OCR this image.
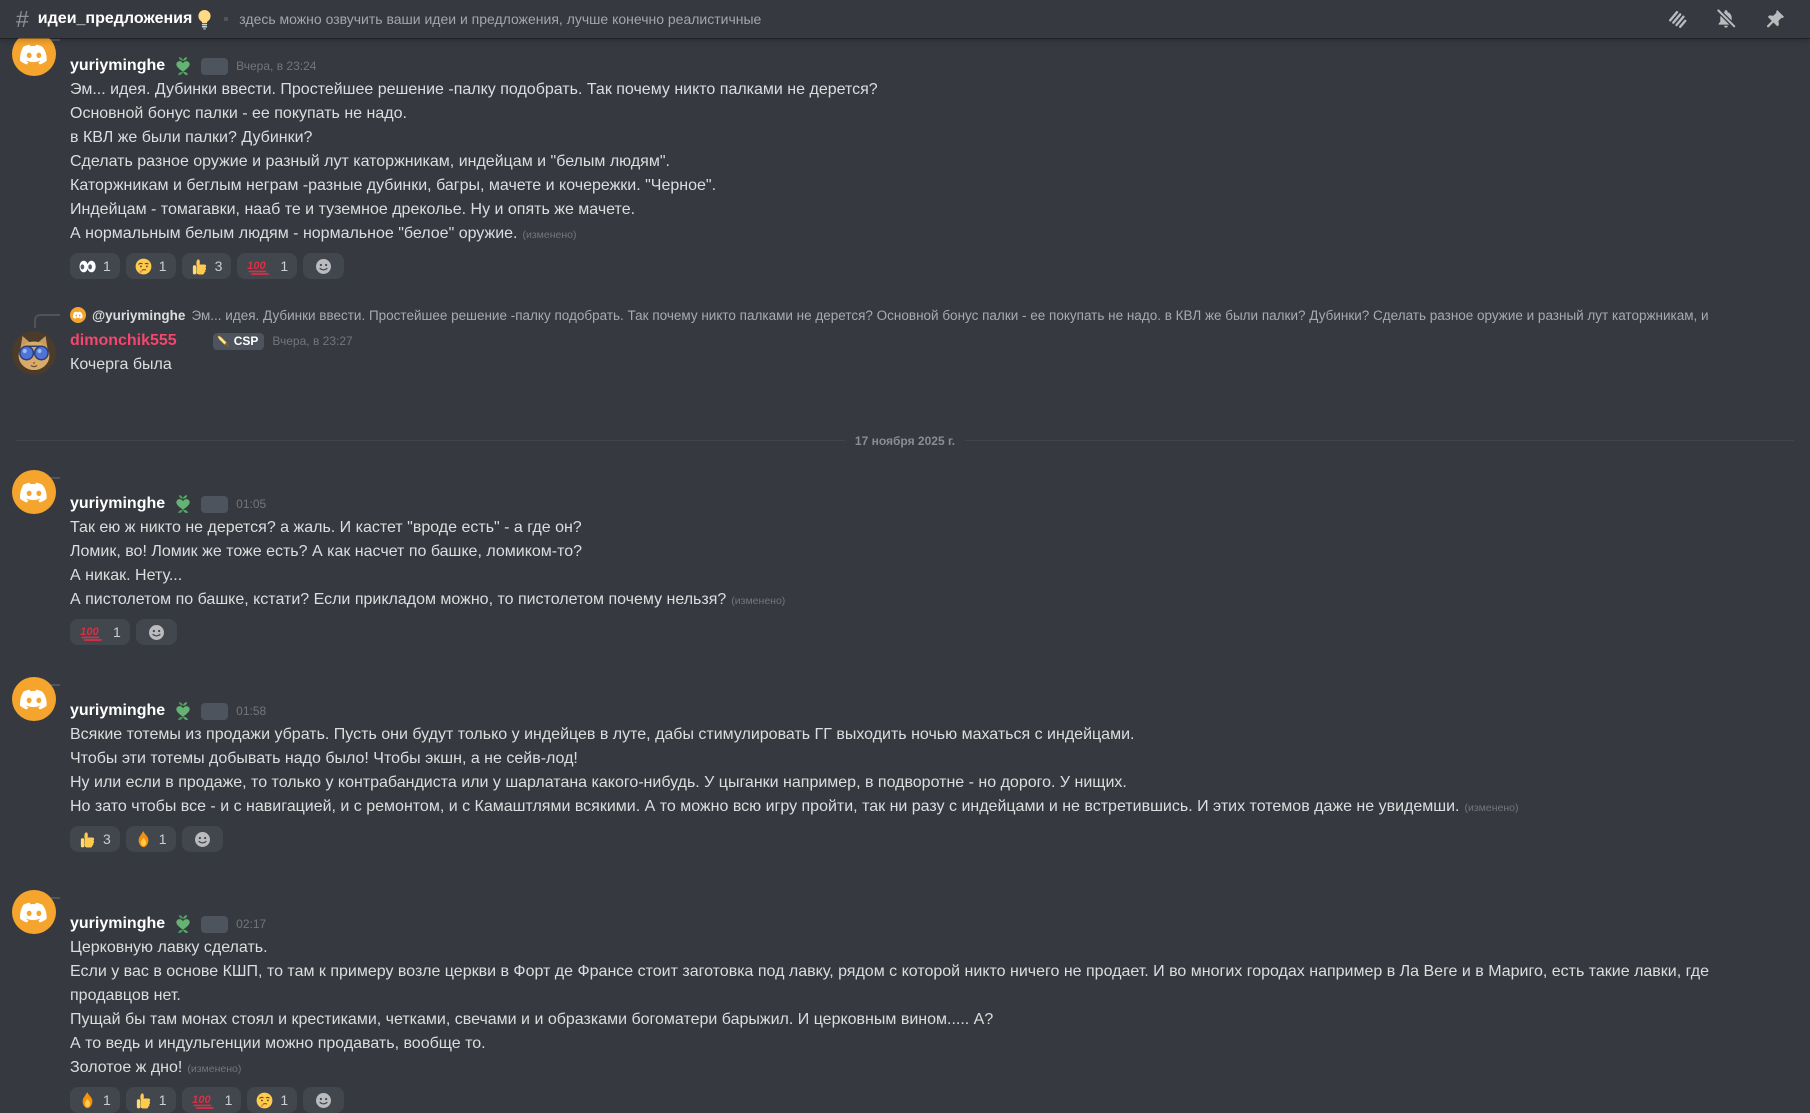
# идеи_предложения	здесь можно озвучить ваши идеи и предложения, лучше конечно реалистичные
yuriyminghe	Вчера, в 23:24
Эм... идея. Дубинки ввести. Простейшее решение -палку подобрать. Так почему никто палками не дерется?
Основной бонус палки - ее покупать не надо.
в КВЛ же были палки? Дубинки?
Сделать разное оружие и разный лут каторжникам, индейцам и "белым людям".
Каторжникам и беглым неграм -разные дубинки, багры, мачете и кочережки. "Черное".
Индейцам - томагавки, нааб те и туземное дреколье. Ну и опять же мачете.
А нормальным белым людям - нормальное "белое" оружие. (изменено)
1	1	3 100 1
@yuriyminghe Эм... идея. Дубинки ввести. Простейшее решение -палку подобрать. Так почему никто палками не дерется? Основной бонус палки - ее покупать не надо. в КВЛ же были палки? Дубинки? Сделать разное оружие и разный лут каторжникам, и
dimonchik555	CSP Вчера, в 23:27
Кочерга была
17 ноября 2025 г.
yuriyminghe	01:05
Так ею ж никто не дерется? а жаль. И кастет "вроде есть" - а где он?
Ломик, во! Ломик же тоже есть? А как насчет по башке, ломиком-то?
А никак. Нету...
А пистолетом по башке, кстати? Если прикладом можно, то пистолетом почему нельзя? (изменено)
100 1
yuriyminghe	01:58
Всякие тотемы из продажи убрать. Пусть они будут только у индейцев в луте, дабы стимулировать ГГ выходить ночью махаться с индейцами.
Чтобы эти тотемы добывать надо было! Чтобы экшн, а не сейв-лод!
Ну или если в продаже, то только у контрабандиста или у шарлатана какого-нибудь. У цыганки например, в подворотне - но дорого. У нищих.
Но зато чтобы все - и с навигацией, и с ремонтом, и с Камаштлями всякими. А то можно всю игру пройти, так ни разу с индейцами и не встретившись. И этих тотемов даже не увидемши. (изменено)
3	1
yuriyminghe	02:17
Церковную лавку сделать.
Если у вас в основе КШП, то там к примеру возле церкви в Форт де Франсе стоит заготовка под лавку, рядом с которой никто ничего не продает. И во многих городах например в Ла Веге и в Мариго, есть такие лавки, где
продавцов нет.
Пущай бы там монах стоял и крестиками, четками, свечами и и образками богоматери барыжил. И церковным вином..... А?
А то ведь и индульгенции можно продавать, вообще то.
Золотое ж дно! (изменено)
1	1 100 1	1
